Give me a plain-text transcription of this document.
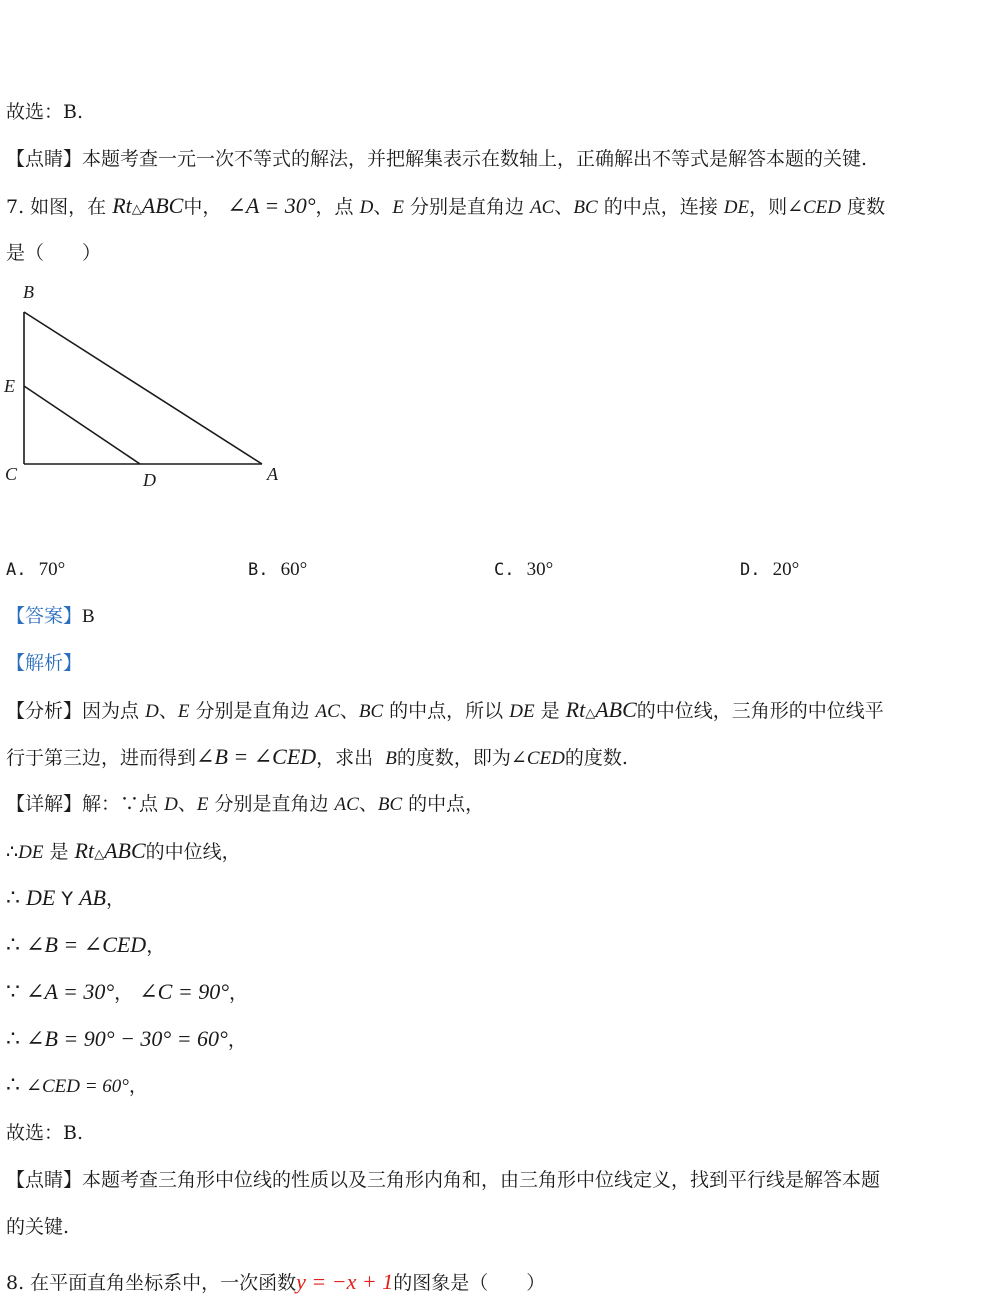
故选：B.
【点睛】本题考查一元一次不等式的解法，并把解集表示在数轴上，正确解出不等式是解答本题的关键.
7. 如图，在 Rt△ABC中， ∠A = 30°，点 D、E 分别是直角边 AC、BC 的中点，连接 DE，则∠CED 度数
是（　　）
B
E
C	D	A
A. 70°	B. 60°	C. 30°	D. 20°
【答案】B
【解析】
【分析】因为点 D、E 分别是直角边 AC、BC 的中点，所以 DE 是 Rt△ABC的中位线，三角形的中位线平
行于第三边，进而得到∠B = ∠CED，求出 B的度数，即为∠CED的度数.
【详解】解：∵点 D、E 分别是直角边 AC、BC 的中点，
∴DE 是 Rt△ABC的中位线，
∴ DE Y AB，
∴ ∠B = ∠CED，
∵ ∠A = 30°， ∠C = 90°，
∴ ∠B = 90° − 30° = 60°，
∴ ∠CED = 60°，
故选：B.
【点睛】本题考查三角形中位线的性质以及三角形内角和，由三角形中位线定义，找到平行线是解答本题
的关键.
8. 在平面直角坐标系中，一次函数y = −x + 1的图象是（　　）
